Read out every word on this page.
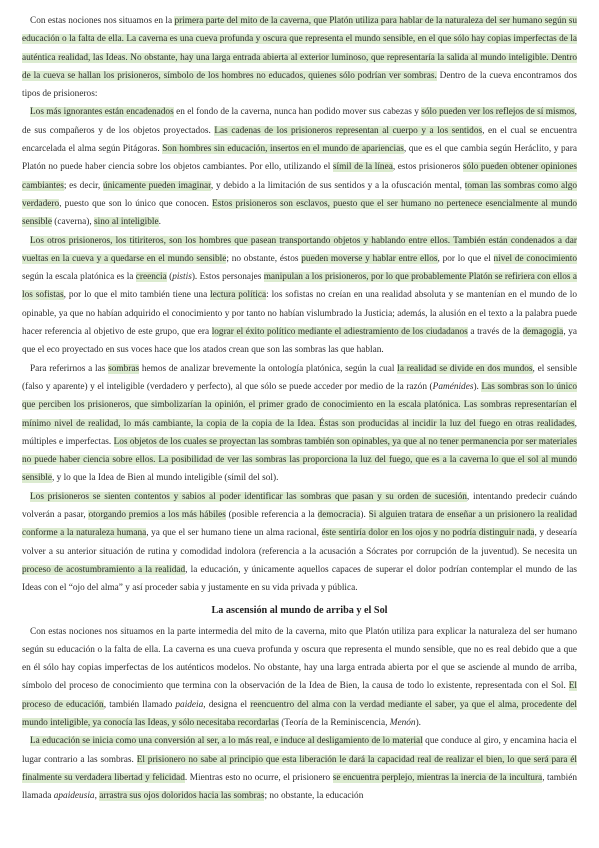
Con estas nociones nos situamos en la primera parte del mito de la caverna, que Platón utiliza para hablar de la naturaleza del ser humano según su educación o la falta de ella. La caverna es una cueva profunda y oscura que representa el mundo sensible, en el que sólo hay copias imperfectas de la auténtica realidad, las Ideas. No obstante, hay una larga entrada abierta al exterior luminoso, que representaría la salida al mundo inteligible. Dentro de la cueva se hallan los prisioneros, símbolo de los hombres no educados, quienes sólo podrían ver sombras. Dentro de la cueva encontramos dos tipos de prisioneros:

Los más ignorantes están encadenados en el fondo de la caverna, nunca han podido mover sus cabezas y sólo pueden ver los reflejos de sí mismos, de sus compañeros y de los objetos proyectados. Las cadenas de los prisioneros representan al cuerpo y a los sentidos, en el cual se encuentra encarcelada el alma según Pitágoras. Son hombres sin educación, insertos en el mundo de apariencias, que es el que cambia según Heráclito, y para Platón no puede haber ciencia sobre los objetos cambiantes. Por ello, utilizando el símil de la línea, estos prisioneros sólo pueden obtener opiniones cambiantes; es decir, únicamente pueden imaginar, y debido a la limitación de sus sentidos y a la ofuscación mental, toman las sombras como algo verdadero, puesto que son lo único que conocen. Estos prisioneros son esclavos, puesto que el ser humano no pertenece esencialmente al mundo sensible (caverna), sino al inteligible.

Los otros prisioneros, los titiriteros, son los hombres que pasean transportando objetos y hablando entre ellos. También están condenados a dar vueltas en la cueva y a quedarse en el mundo sensible; no obstante, éstos pueden moverse y hablar entre ellos, por lo que el nivel de conocimiento según la escala platónica es la creencia (pistis). Estos personajes manipulan a los prisioneros, por lo que probablemente Platón se refiriera con ellos a los sofistas, por lo que el mito también tiene una lectura política: los sofistas no creían en una realidad absoluta y se mantenían en el mundo de lo opinable, ya que no habían adquirido el conocimiento y por tanto no habían vislumbrado la Justicia; además, la alusión en el texto a la palabra puede hacer referencia al objetivo de este grupo, que era lograr el éxito político mediante el adiestramiento de los ciudadanos a través de la demagogia, ya que el eco proyectado en sus voces hace que los atados crean que son las sombras las que hablan.

Para referirnos a las sombras hemos de analizar brevemente la ontología platónica, según la cual la realidad se divide en dos mundos, el sensible (falso y aparente) y el inteligible (verdadero y perfecto), al que sólo se puede acceder por medio de la razón (Paménides). Las sombras son lo único que perciben los prisioneros, que simbolizarían la opinión, el primer grado de conocimiento en la escala platónica. Las sombras representarían el mínimo nivel de realidad, lo más cambiante, la copia de la copia de la Idea. Éstas son producidas al incidir la luz del fuego en otras realidades, múltiples e imperfectas. Los objetos de los cuales se proyectan las sombras también son opinables, ya que al no tener permanencia por ser materiales no puede haber ciencia sobre ellos. La posibilidad de ver las sombras las proporciona la luz del fuego, que es a la caverna lo que el sol al mundo sensible, y lo que la Idea de Bien al mundo inteligible (símil del sol).

Los prisioneros se sienten contentos y sabios al poder identificar las sombras que pasan y su orden de sucesión, intentando predecir cuándo volverán a pasar, otorgando premios a los más hábiles (posible referencia a la democracia). Si alguien tratara de enseñar a un prisionero la realidad conforme a la naturaleza humana, ya que el ser humano tiene un alma racional, éste sentiría dolor en los ojos y no podría distinguir nada, y desearía volver a su anterior situación de rutina y comodidad indolora (referencia a la acusación a Sócrates por corrupción de la juventud). Se necesita un proceso de acostumbramiento a la realidad, la educación, y únicamente aquellos capaces de superar el dolor podrían contemplar el mundo de las Ideas con el “ojo del alma” y así proceder sabia y justamente en su vida privada y pública.

La ascensión al mundo de arriba y el Sol

Con estas nociones nos situamos en la parte intermedia del mito de la caverna, mito que Platón utiliza para explicar la naturaleza del ser humano según su educación o la falta de ella. La caverna es una cueva profunda y oscura que representa el mundo sensible, que no es real debido que a que en él sólo hay copias imperfectas de los auténticos modelos. No obstante, hay una larga entrada abierta por el que se asciende al mundo de arriba, símbolo del proceso de conocimiento que termina con la observación de la Idea de Bien, la causa de todo lo existente, representada con el Sol. El proceso de educación, también llamado paideia, designa el reencuentro del alma con la verdad mediante el saber, ya que el alma, procedente del mundo inteligible, ya conocía las Ideas, y sólo necesitaba recordarlas (Teoría de la Reminiscencia, Menón).

La educación se inicia como una conversión al ser, a lo más real, e induce al desligamiento de lo material que conduce al giro, y encamina hacia el lugar contrario a las sombras. El prisionero no sabe al principio que esta liberación le dará la capacidad real de realizar el bien, lo que será para él finalmente su verdadera libertad y felicidad. Mientras esto no ocurre, el prisionero se encuentra perplejo, mientras la inercia de la incultura, también llamada apaideusia, arrastra sus ojos doloridos hacia las sombras; no obstante, la educación
